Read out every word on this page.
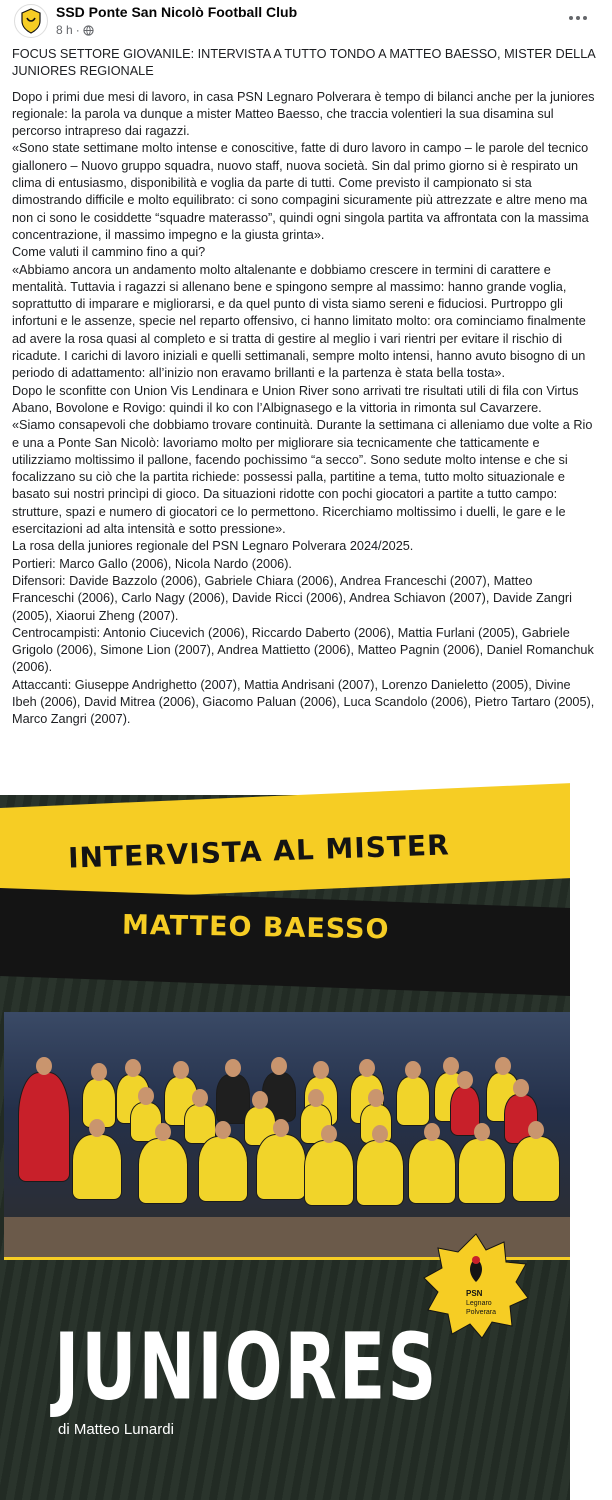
SSD Ponte San Nicolò Football Club
8 h ·

FOCUS SETTORE GIOVANILE: INTERVISTA A TUTTO TONDO A MATTEO BAESSO, MISTER DELLA JUNIORES REGIONALE

Dopo i primi due mesi di lavoro, in casa PSN Legnaro Polverara è tempo di bilanci anche per la juniores regionale: la parola va dunque a mister Matteo Baesso, che traccia volentieri la sua disamina sul percorso intrapreso dai ragazzi.

«Sono state settimane molto intense e conoscitive, fatte di duro lavoro in campo – le parole del tecnico giallonero – Nuovo gruppo squadra, nuovo staff, nuova società. Sin dal primo giorno si è respirato un clima di entusiasmo, disponibilità e voglia da parte di tutti. Come previsto il campionato si sta dimostrando difficile e molto equilibrato: ci sono compagini sicuramente più attrezzate e altre meno ma non ci sono le cosiddette “squadre materasso”, quindi ogni singola partita va affrontata con la massima concentrazione, il massimo impegno e la giusta grinta».

Come valuti il cammino fino a qui?

«Abbiamo ancora un andamento molto altalenante e dobbiamo crescere in termini di carattere e mentalità. Tuttavia i ragazzi si allenano bene e spingono sempre al massimo: hanno grande voglia, soprattutto di imparare e migliorarsi, e da quel punto di vista siamo sereni e fiduciosi. Purtroppo gli infortuni e le assenze, specie nel reparto offensivo, ci hanno limitato molto: ora cominciamo finalmente ad avere la rosa quasi al completo e si tratta di gestire al meglio i vari rientri per evitare il rischio di ricadute. I carichi di lavoro iniziali e quelli settimanali, sempre molto intensi, hanno avuto bisogno di un periodo di adattamento: all’inizio non eravamo brillanti e la partenza è stata bella tosta».

Dopo le sconfitte con Union Vis Lendinara e Union River sono arrivati tre risultati utili di fila con Virtus Abano, Bovolone e Rovigo: quindi il ko con l’Albignasego e la vittoria in rimonta sul Cavarzere.

«Siamo consapevoli che dobbiamo trovare continuità. Durante la settimana ci alleniamo due volte a Rio e una a Ponte San Nicolò: lavoriamo molto per migliorare sia tecnicamente che tatticamente e utilizziamo moltissimo il pallone, facendo pochissimo “a secco”. Sono sedute molto intense e che si focalizzano su ciò che la partita richiede: possessi palla, partitine a tema, tutto molto situazionale e basato sui nostri princìpi di gioco. Da situazioni ridotte con pochi giocatori a partite a tutto campo: strutture, spazi e numero di giocatori ce lo permettono. Ricerchiamo moltissimo i duelli, le gare e le esercitazioni ad alta intensità e sotto pressione».

La rosa della juniores regionale del PSN Legnaro Polverara 2024/2025.

Portieri: Marco Gallo (2006), Nicola Nardo (2006).

Difensori: Davide Bazzolo (2006), Gabriele Chiara (2006), Andrea Franceschi (2007), Matteo Franceschi (2006), Carlo Nagy (2006), Davide Ricci (2006), Andrea Schiavon (2007), Davide Zangri (2005), Xiaorui Zheng (2007).

Centrocampisti: Antonio Ciucevich (2006), Riccardo Daberto (2006), Mattia Furlani (2005), Gabriele Grigolo (2006), Simone Lion (2007), Andrea Mattietto (2006), Matteo Pagnin (2006), Daniel Romanchuk (2006).

Attaccanti: Giuseppe Andrighetto (2007), Mattia Andrisani (2007), Lorenzo Danieletto (2005), Divine Ibeh (2006), David Mitrea (2006), Giacomo Paluan (2006), Luca Scandolo (2006), Pietro Tartaro (2005), Marco Zangri (2007).

INTERVISTA AL MISTER
MATTEO BAESSO
PSN
Legnaro
Polverara
JUNIORES
di Matteo Lunardi
